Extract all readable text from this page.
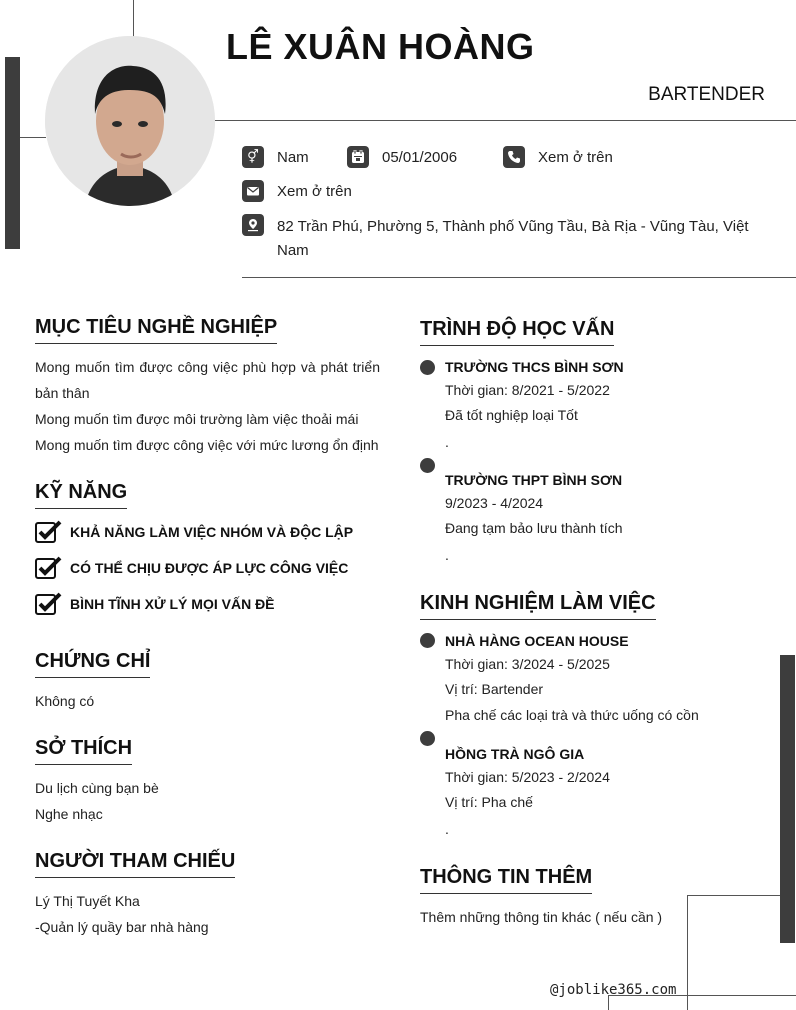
LÊ XUÂN HOÀNG
BARTENDER
⚥	Nam	05/01/2006	Xem ở trên
Xem ở trên
82 Trần Phú, Phường 5, Thành phố Vũng Tầu, Bà Rịa - Vũng Tàu, Việt Nam
MỤC TIÊU NGHỀ NGHIỆP
Mong muốn tìm được công việc phù hợp và phát triển bản thân
Mong muốn tìm được môi trường làm việc thoải mái
Mong muốn tìm được công việc với mức lương ổn định
KỸ NĂNG
KHẢ NĂNG LÀM VIỆC NHÓM VÀ ĐỘC LẬP
CÓ THỂ CHỊU ĐƯỢC ÁP LỰC CÔNG VIỆC
BÌNH TĨNH XỬ LÝ MỌI VẤN ĐỀ
CHỨNG CHỈ
Không có
SỞ THÍCH
Du lịch cùng bạn bè
Nghe nhạc
NGƯỜI THAM CHIẾU
Lý Thị Tuyết Kha
-Quản lý quầy bar nhà hàng
TRÌNH ĐỘ HỌC VẤN
TRƯỜNG THCS BÌNH SƠN
Thời gian: 8/2021 - 5/2022
Đã tốt nghiệp loại Tốt
.
TRƯỜNG THPT BÌNH SƠN
9/2023 - 4/2024
Đang tạm bảo lưu thành tích
.
KINH NGHIỆM LÀM VIỆC
NHÀ HÀNG OCEAN HOUSE
Thời gian: 3/2024 - 5/2025
Vị trí: Bartender
Pha chế các loại trà và thức uống có cồn
HỒNG TRÀ NGÔ GIA
Thời gian: 5/2023 - 2/2024
Vị trí: Pha chế
.
THÔNG TIN THÊM
Thêm những thông tin khác ( nếu cần )
@joblike365.com
